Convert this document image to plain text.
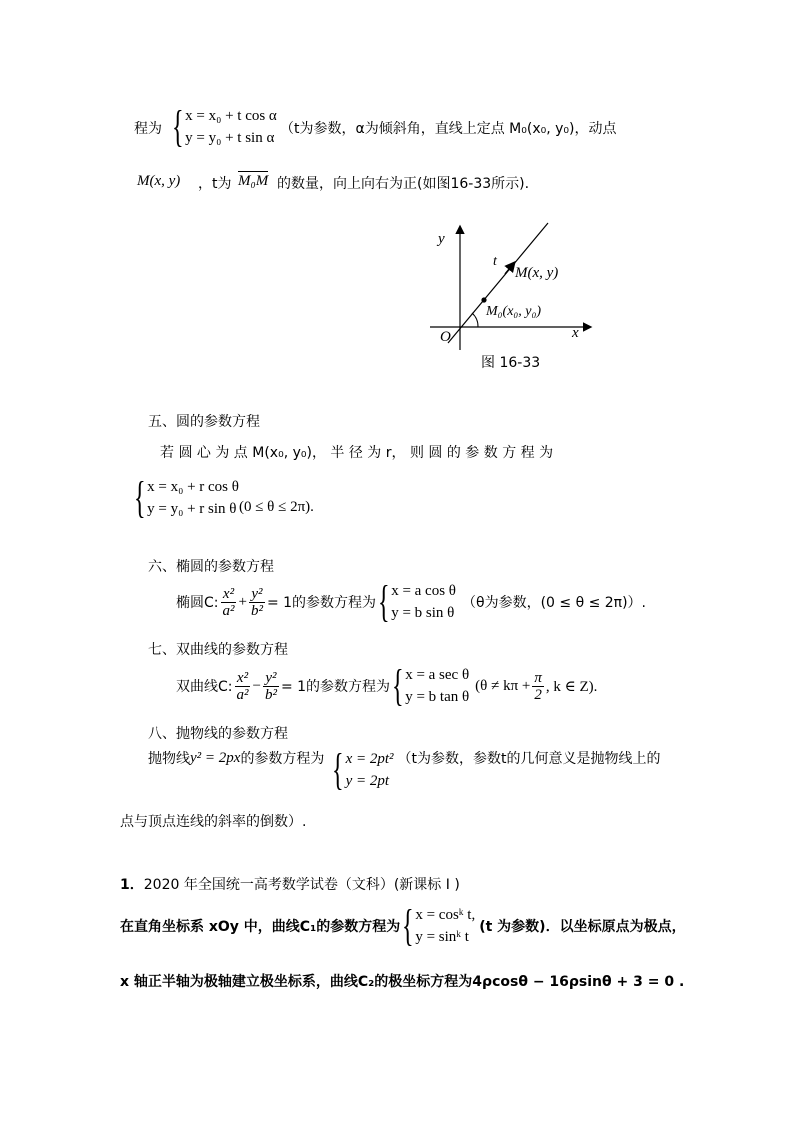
程为 { x = x₀ + t cos α
y = y₀ + t sin α
（t为参数，α为倾斜角，直线上定点 M₀(x₀, y₀)，动点
M(x, y) ，t为 M₀M 的数量，向上向右为正(如图16-33所示).
y
x
O
t
M(x, y)
M₀(x₀, y₀)
图 16-33
五、圆的参数方程
若 圆 心 为 点 M(x₀, y₀)， 半 径 为 r， 则 圆 的 参 数 方 程 为
{ x = x₀ + r cos θ
y = y₀ + r sin θ (0 ≤ θ ≤ 2π).
六、椭圆的参数方程
椭圆C: $\frac{\text{x²}}{\text{a²}} + \frac{\text{y²}}{\text{b²}} = 1$的参数方程为 { x = a cos θ
y = b sin θ
（θ为参数，(0 ≤ θ ≤ 2π)）.
七、双曲线的参数方程
双曲线C: $\frac{\text{x²}}{\text{a²}} - \frac{\text{y²}}{\text{b²}} = 1$的参数方程为 { x = a sec θ
y = b tan θ
($\theta \ne k\pi + \frac{\pi}{2}$ , k ∈ Z).
八、抛物线的参数方程
抛物线 y² = 2px 的参数方程为 { x = 2pt²
y = 2pt
（t为参数，参数t的几何意义是抛物线上的
点与顶点连线的斜率的倒数）.
1．2020 年全国统一高考数学试卷（文科）(新课标 I )
在直角坐标系 xOy 中，曲线C₁的参数方程为 { x = cosᵏ t,
y = sinᵏ t
(t 为参数)．以坐标原点为极点，
x 轴正半轴为极轴建立极坐标系，曲线C₂的极坐标方程为4ρcosθ − 16ρsinθ + 3 = 0 .
